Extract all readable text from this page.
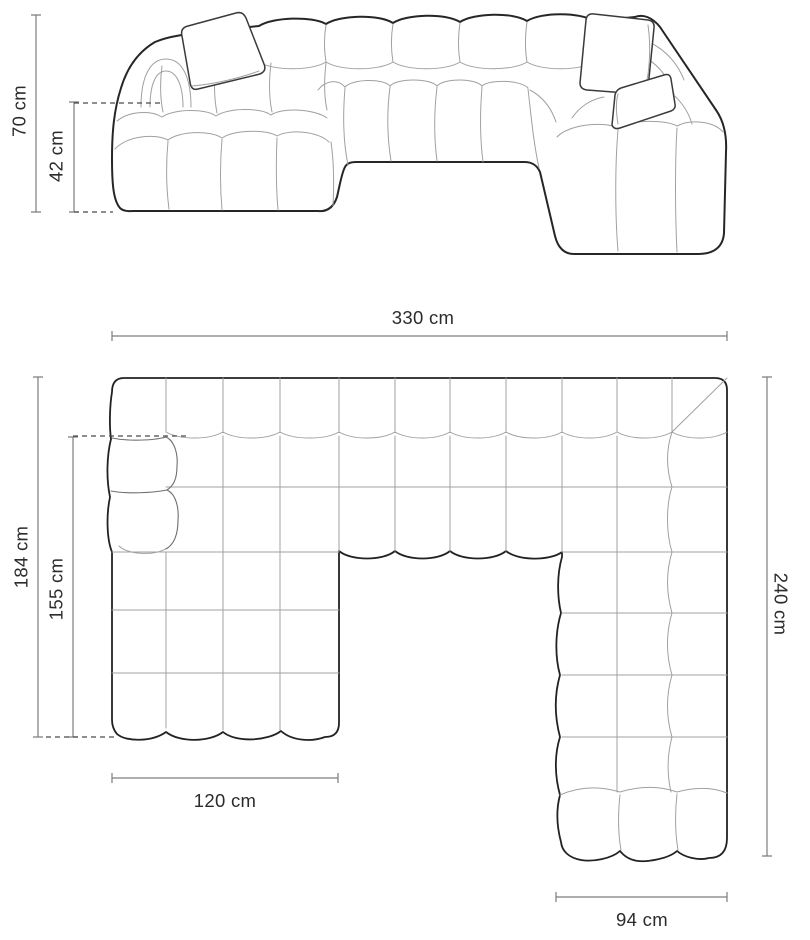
70 cm
42 cm
330 cm
184 cm
155 cm
120 cm
240 cm
94 cm
